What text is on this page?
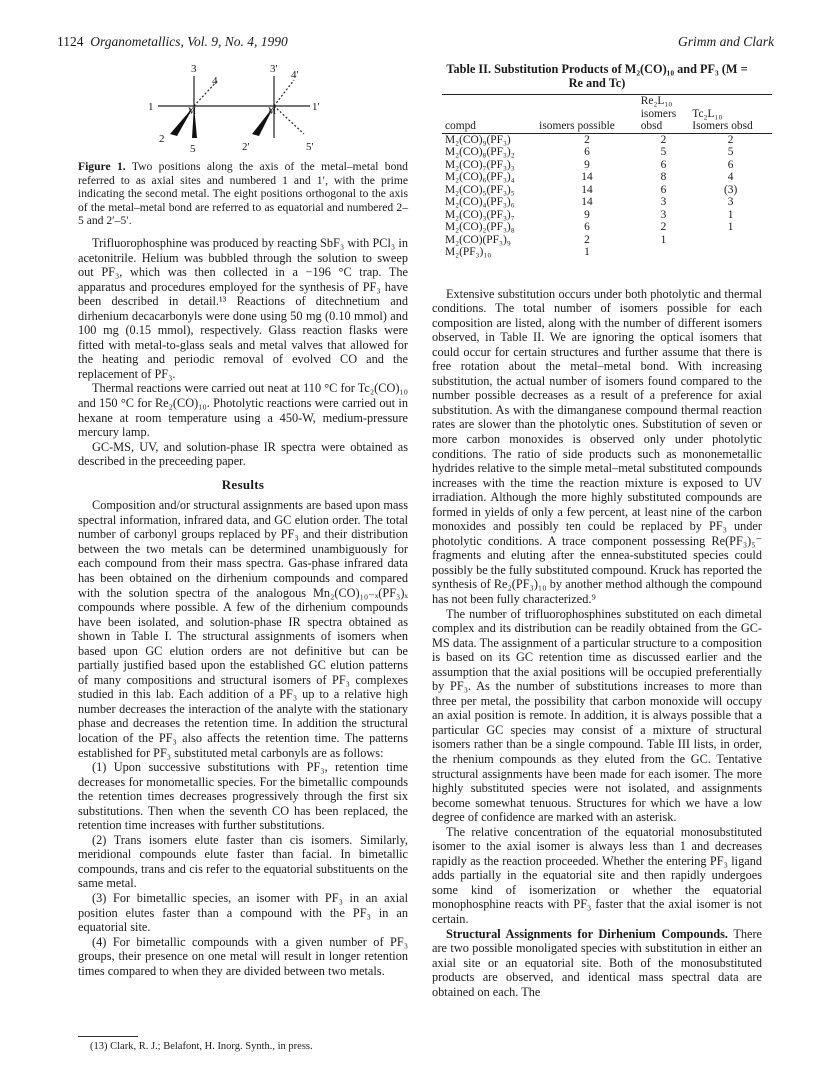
1124 Organometallics, Vol. 9, No. 4, 1990	Grimm and Clark
3	3'
4	4'
1	1'
M	M
2
2'
5	5'
Figure 1. Two positions along the axis of the metal–metal bond referred to as axial sites and numbered 1 and 1′, with the prime indicating the second metal. The eight positions orthogonal to the axis of the metal–metal bond are referred to as equatorial and numbered 2–5 and 2′–5′.

Trifluorophosphine was produced by reacting SbF₃ with PCl₃ in acetonitrile. Helium was bubbled through the solution to sweep out PF₃, which was then collected in a −196 °C trap. The apparatus and procedures employed for the synthesis of PF₃ have been described in detail.¹³ Reactions of ditechnetium and dirhenium decacarbonyls were done using 50 mg (0.10 mmol) and 100 mg (0.15 mmol), respectively. Glass reaction flasks were fitted with metal-to-glass seals and metal valves that allowed for the heating and periodic removal of evolved CO and the replacement of PF₃.

Thermal reactions were carried out neat at 110 °C for Tc₂(CO)₁₀ and 150 °C for Re₂(CO)₁₀. Photolytic reactions were carried out in hexane at room temperature using a 450-W, medium-pressure mercury lamp.

GC-MS, UV, and solution-phase IR spectra were obtained as described in the preceeding paper.

Results

Composition and/or structural assignments are based upon mass spectral information, infrared data, and GC elution order. The total number of carbonyl groups replaced by PF₃ and their distribution between the two metals can be determined unambiguously for each compound from their mass spectra. Gas-phase infrared data has been obtained on the dirhenium compounds and compared with the solution spectra of the analogous Mn₂(CO)₁₀₋ₓ(PF₃)ₓ compounds where possible. A few of the dirhenium compounds have been isolated, and solution-phase IR spectra obtained as shown in Table I. The structural assignments of isomers when based upon GC elution orders are not definitive but can be partially justified based upon the established GC elution patterns of many compositions and structural isomers of PF₃ complexes studied in this lab. Each addition of a PF₃ up to a relative high number decreases the interaction of the analyte with the stationary phase and decreases the retention time. In addition the structural location of the PF₃ also affects the retention time. The patterns established for PF₃ substituted metal carbonyls are as follows:

(1) Upon successive substitutions with PF₃, retention time decreases for monometallic species. For the bimetallic compounds the retention times decreases progressively through the first six substitutions. Then when the seventh CO has been replaced, the retention time increases with further substitutions.

(2) Trans isomers elute faster than cis isomers. Similarly, meridional compounds elute faster than facial. In bimetallic compounds, trans and cis refer to the equatorial substituents on the same metal.

(3) For bimetallic species, an isomer with PF₃ in an axial position elutes faster than a compound with the PF₃ in an equatorial site.

(4) For bimetallic compounds with a given number of PF₃ groups, their presence on one metal will result in longer retention times compared to when they are divided between two metals.

(13) Clark, R. J.; Belafont, H. Inorg. Synth., in press.
Table II. Substitution Products of M₂(CO)₁₀ and PF₃ (M =
Re and Tc)
		Re₂L₁₀	
		isomers	Tc₂L₁₀
compd	isomers possible	obsd	Isomers obsd
M₂(CO)₉(PF₃)	2	2	2
M₂(CO)₈(PF₃)₂	6	5	5
M₂(CO)₇(PF₃)₃	9	6	6
M₂(CO)₆(PF₃)₄	14	8	4
M₂(CO)₅(PF₃)₅	14	6	(3)
M₂(CO)₄(PF₃)₆	14	3	3
M₂(CO)₃(PF₃)₇	9	3	1
M₂(CO)₂(PF₃)₈	6	2	1
M₂(CO)(PF₃)₉	2	1	
M₂(PF₃)₁₀	1		

Extensive substitution occurs under both photolytic and thermal conditions. The total number of isomers possible for each composition are listed, along with the number of different isomers observed, in Table II. We are ignoring the optical isomers that could occur for certain structures and further assume that there is free rotation about the metal–metal bond. With increasing substitution, the actual number of isomers found compared to the number possible decreases as a result of a preference for axial substitution. As with the dimanganese compound thermal reaction rates are slower than the photolytic ones. Substitution of seven or more carbon monoxides is observed only under photolytic conditions. The ratio of side products such as mononemetallic hydrides relative to the simple metal–metal substituted compounds increases with the time the reaction mixture is exposed to UV irradiation. Although the more highly substituted compounds are formed in yields of only a few percent, at least nine of the carbon monoxides and possibly ten could be replaced by PF₃ under photolytic conditions. A trace component possessing Re(PF₃)₅⁻ fragments and eluting after the ennea-substituted species could possibly be the fully substituted compound. Kruck has reported the synthesis of Re₂(PF₃)₁₀ by another method although the compound has not been fully characterized.⁹

The number of trifluorophosphines substituted on each dimetal complex and its distribution can be readily obtained from the GC-MS data. The assignment of a particular structure to a composition is based on its GC retention time as discussed earlier and the assumption that the axial positions will be occupied preferentially by PF₃. As the number of substitutions increases to more than three per metal, the possibility that carbon monoxide will occupy an axial position is remote. In addition, it is always possible that a particular GC species may consist of a mixture of structural isomers rather than be a single compound. Table III lists, in order, the rhenium compounds as they eluted from the GC. Tentative structural assignments have been made for each isomer. The more highly substituted species were not isolated, and assignments become somewhat tenuous. Structures for which we have a low degree of confidence are marked with an asterisk.

The relative concentration of the equatorial monosubstituted isomer to the axial isomer is always less than 1 and decreases rapidly as the reaction proceeded. Whether the entering PF₃ ligand adds partially in the equatorial site and then rapidly undergoes some kind of isomerization or whether the equatorial monophosphine reacts with PF₃ faster that the axial isomer is not certain.

Structural Assignments for Dirhenium Compounds. There are two possible monoligated species with substitution in either an axial site or an equatorial site. Both of the monosubstituted products are observed, and identical mass spectral data are obtained on each. The
